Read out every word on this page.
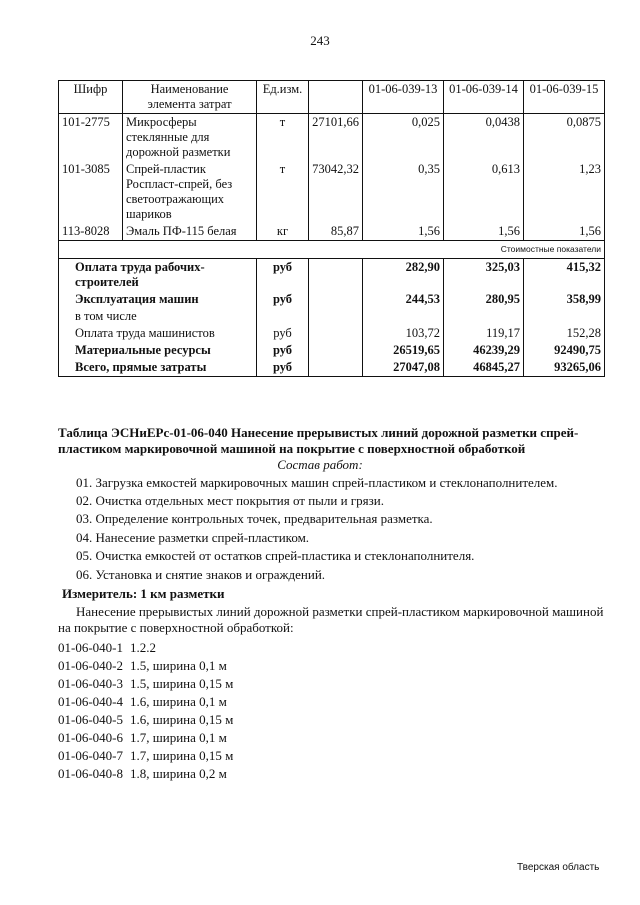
243
Шифр	Наименование элемента затрат	Ед.изм.		01-06-039-13	01-06-039-14	01-06-039-15
101-2775	Микросферы стеклянные для дорожной разметки	т	27101,66	0,025	0,0438	0,0875
101-3085	Спрей-пластик Роспласт-спрей, без светоотражающих шариков	т	73042,32	0,35	0,613	1,23
113-8028	Эмаль ПФ-115 белая	кг	85,87	1,56	1,56	1,56
Стоимостные показатели						
Оплата труда рабочих-строителей		руб		282,90	325,03	415,32
Эксплуатация машин		руб		244,53	280,95	358,99
в том числе						
Оплата труда машинистов		руб		103,72	119,17	152,28
Материальные ресурсы		руб		26519,65	46239,29	92490,75
Всего, прямые затраты		руб		27047,08	46845,27	93265,06
Таблица ЭСНиЕРс-01-06-040 Нанесение прерывистых линий дорожной разметки спрей-пластиком маркировочной машиной на покрытие с поверхностной обработкой
Состав работ:
01. Загрузка емкостей маркировочных машин спрей-пластиком и стеклонаполнителем.
02. Очистка отдельных мест покрытия от пыли и грязи.
03. Определение контрольных точек, предварительная разметка.
04. Нанесение разметки спрей-пластиком.
05. Очистка емкостей от остатков спрей-пластика и стеклонаполнителя.
06. Установка и снятие знаков и ограждений.
Измеритель: 1 км разметки
Нанесение прерывистых линий дорожной разметки спрей-пластиком маркировочной машиной на покрытие с поверхностной обработкой:
01-06-040-1 1.2.2
01-06-040-2 1.5, ширина 0,1 м
01-06-040-3 1.5, ширина 0,15 м
01-06-040-4 1.6, ширина 0,1 м
01-06-040-5 1.6, ширина 0,15 м
01-06-040-6 1.7, ширина 0,1 м
01-06-040-7 1.7, ширина 0,15 м
01-06-040-8 1.8, ширина 0,2 м
Тверская область
